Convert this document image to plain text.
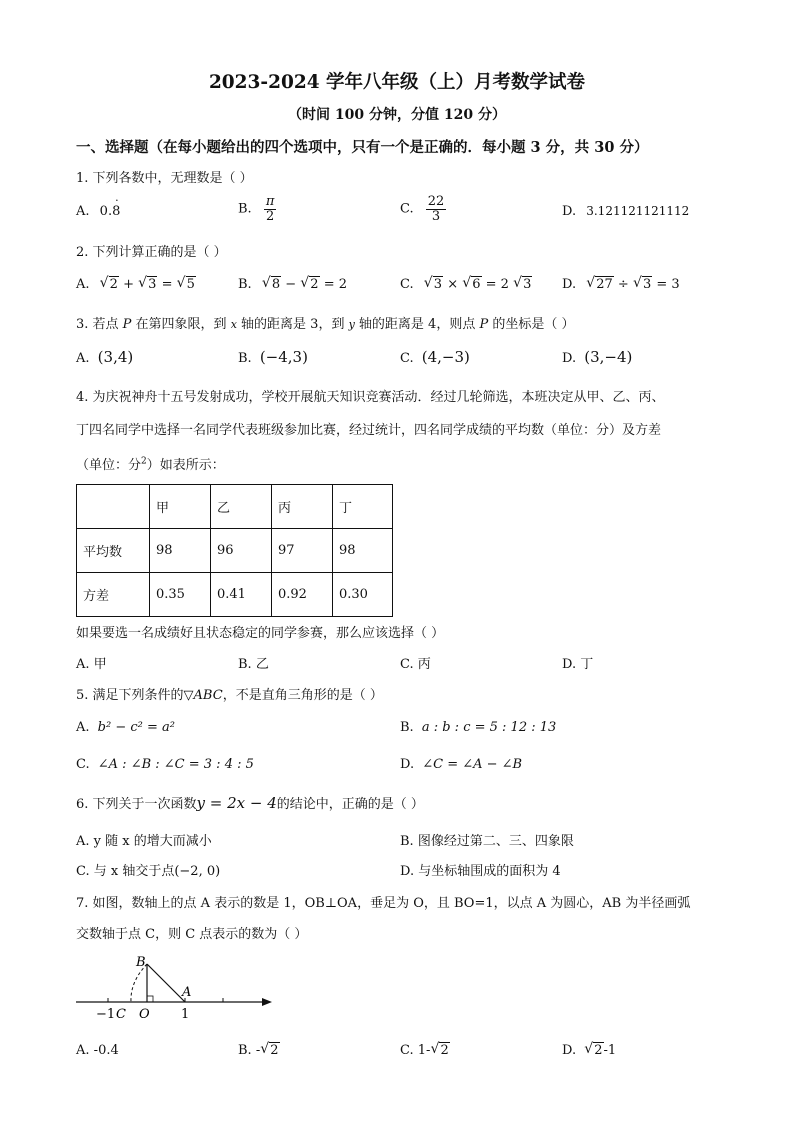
2023-2024 学年八年级（上）月考数学试卷
（时间 100 分钟，分值 120 分）
一、选择题（在每小题给出的四个选项中，只有一个是正确的．每小题 3 分，共 30 分）
1. 下列各数中，无理数是（ ）
A. 0.8
·
B. $\frac{\pi}{2}$	C. $\frac{22}{3}$	D. 3.121121121112
2. 下列计算正确的是（ ）
A. √ 2 + √ 3 = √ 5	B. √ 8 − √ 2 = 2	C. √ 3 × √ 6 = 2 √ 3 D. √ 27 ÷ √ 3 = 3
3. 若点 P 在第四象限，到 x 轴的距离是 3，到 y 轴的距离是 4，则点 P 的坐标是（ ）
A. (3,4)	B. (−4,3)	C. (4,−3)	D. (3,−4)
4. 为庆祝神舟十五号发射成功，学校开展航天知识竞赛活动．经过几轮筛选，本班决定从甲、乙、丙、
丁四名同学中选择一名同学代表班级参加比赛，经过统计，四名同学成绩的平均数（单位：分）及方差
（单位：分$^2$）如表所示：
	甲	乙	丙	丁
平均数	98	96	97	98
方差	0.35	0.41	0.92	0.30
如果要选一名成绩好且状态稳定的同学参赛，那么应该选择（ ）
A. 甲	B. 乙	C. 丙	D. 丁
5. 满足下列条件的▽ABC，不是直角三角形的是（ ）
A. b² − c² = a²	B. a : b : c = 5 : 12 : 13
C. ∠A : ∠B : ∠C = 3 : 4 : 5	D. ∠C = ∠A − ∠B
6. 下列关于一次函数y = 2x − 4的结论中，正确的是（ ）
A. y 随 x 的增大而减小	B. 图像经过第二、三、四象限
C. 与 x 轴交于点(−2, 0)	D. 与坐标轴围成的面积为 4
7. 如图，数轴上的点 A 表示的数是 1，OB⊥OA，垂足为 O，且 BO=1，以点 A 为圆心，AB 为半径画弧
交数轴于点 C，则 C 点表示的数为（ ）
B
A
−1 C O 1
A. -0.4	B. - √ 2	C. 1- √ 2	D. √ 2-1
